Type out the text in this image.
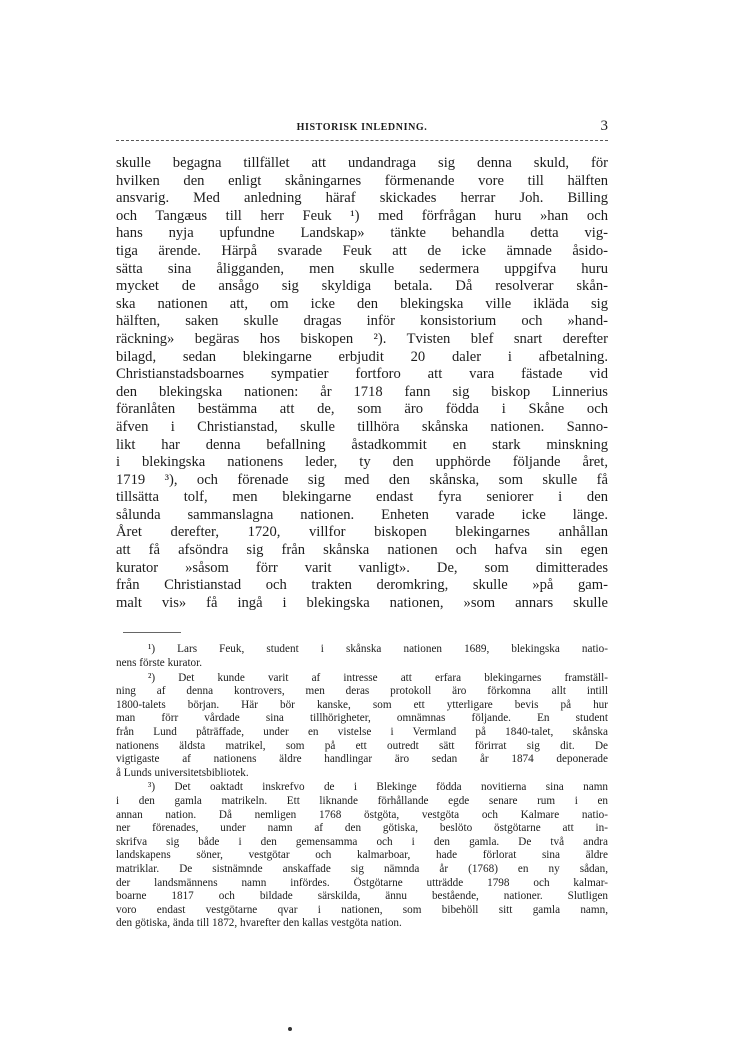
HISTORISK INLEDNING.	3
skulle begagna tillfället att undandraga sig denna skuld, för
hvilken den enligt skåningarnes förmenande vore till hälften
ansvarig. Med anledning häraf skickades herrar Joh. Billing
och Tangæus till herr Feuk ¹) med förfrågan huru »han och
hans nyja upfundne Landskap» tänkte behandla detta vig-
tiga ärende. Härpå svarade Feuk att de icke ämnade åsido-
sätta sina åligganden, men skulle sedermera uppgifva huru
mycket de ansågo sig skyldiga betala. Då resolverar skån-
ska nationen att, om icke den blekingska ville ikläda sig
hälften, saken skulle dragas inför konsistorium och »hand-
räckning» begäras hos biskopen ²). Tvisten blef snart derefter
bilagd, sedan blekingarne erbjudit 20 daler i afbetalning.
Christianstadsboarnes sympatier fortforo att vara fästade vid
den blekingska nationen: år 1718 fann sig biskop Linnerius
föranlåten bestämma att de, som äro födda i Skåne och
äfven i Christianstad, skulle tillhöra skånska nationen. Sanno-
likt har denna befallning åstadkommit en stark minskning
i blekingska nationens leder, ty den upphörde följande året,
1719 ³), och förenade sig med den skånska, som skulle få
tillsätta tolf, men blekingarne endast fyra seniorer i den
sålunda sammanslagna nationen. Enheten varade icke länge.
Året derefter, 1720, villfor biskopen blekingarnes anhållan
att få afsöndra sig från skånska nationen och hafva sin egen
kurator »såsom förr varit vanligt». De, som dimitterades
från Christianstad och trakten deromkring, skulle »på gam-
malt vis» få ingå i blekingska nationen, »som annars skulle
¹) Lars Feuk, student i skånska nationen 1689, blekingska natio-
nens förste kurator.
²) Det kunde varit af intresse att erfara blekingarnes framställ-
ning af denna kontrovers, men deras protokoll äro förkomna allt intill
1800-talets början. Här bör kanske, som ett ytterligare bevis på hur
man förr vårdade sina tillhörigheter, omnämnas följande. En student
från Lund påträffade, under en vistelse i Vermland på 1840-talet, skånska
nationens äldsta matrikel, som på ett outredt sätt förirrat sig dit. De
vigtigaste af nationens äldre handlingar äro sedan år 1874 deponerade
å Lunds universitetsbibliotek.
³) Det oaktadt inskrefvo de i Blekinge födda novitierna sina namn
i den gamla matrikeln. Ett liknande förhållande egde senare rum i en
annan nation. Då nemligen 1768 östgöta, vestgöta och Kalmare natio-
ner förenades, under namn af den götiska, beslöto östgötarne att in-
skrifva sig både i den gemensamma och i den gamla. De två andra
landskapens söner, vestgötar och kalmarboar, hade förlorat sina äldre
matriklar. De sistnämnde anskaffade sig nämnda år (1768) en ny sådan,
der landsmännens namn infördes. Östgötarne utträdde 1798 och kalmar-
boarne 1817 och bildade särskilda, ännu bestående, nationer. Slutligen
voro endast vestgötarne qvar i nationen, som bibehöll sitt gamla namn,
den götiska, ända till 1872, hvarefter den kallas vestgöta nation.
